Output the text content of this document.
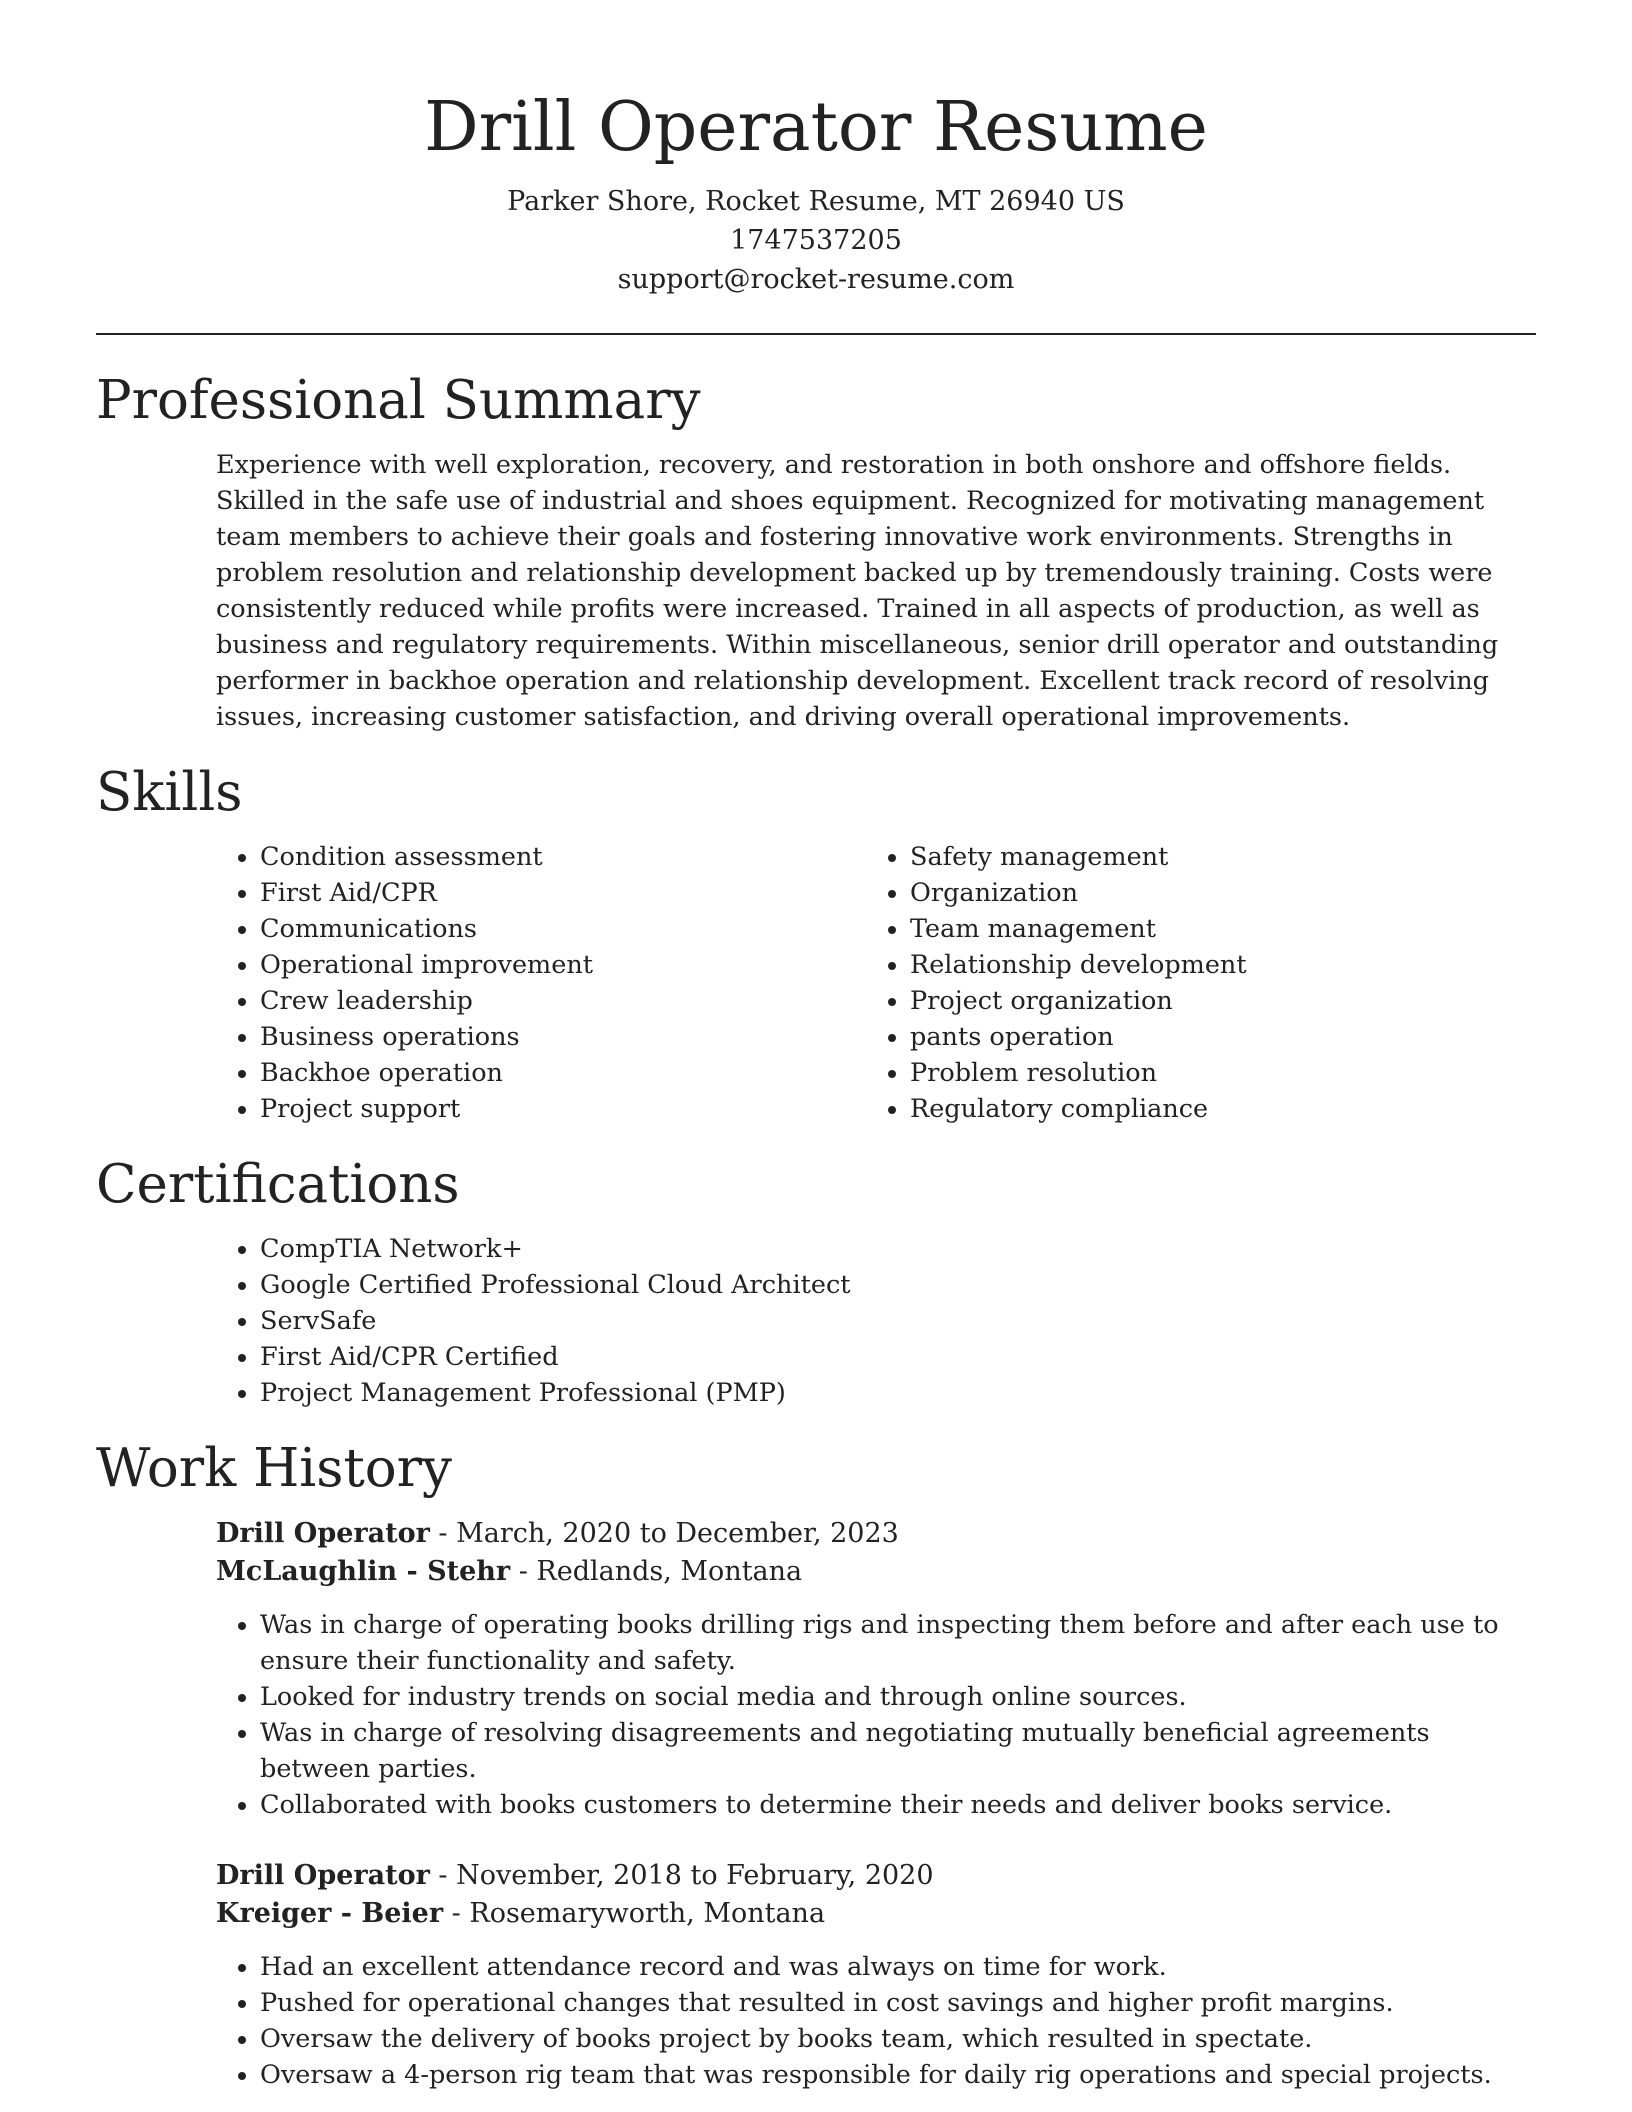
Drill Operator Resume
Parker Shore, Rocket Resume, MT 26940 US
1747537205
support@rocket-resume.com
Professional Summary
Experience with well exploration, recovery, and restoration in both onshore and offshore fields. Skilled in the safe use of industrial and shoes equipment. Recognized for motivating management team members to achieve their goals and fostering innovative work environments. Strengths in problem resolution and relationship development backed up by tremendously training. Costs were consistently reduced while profits were increased. Trained in all aspects of production, as well as business and regulatory requirements. Within miscellaneous, senior drill operator and outstanding performer in backhoe operation and relationship development. Excellent track record of resolving issues, increasing customer satisfaction, and driving overall operational improvements.
Skills
• Condition assessment
• First Aid/CPR
• Communications
• Operational improvement
• Crew leadership
• Business operations
• Backhoe operation
• Project support
• Safety management
• Organization
• Team management
• Relationship development
• Project organization
• pants operation
• Problem resolution
• Regulatory compliance
Certifications
• CompTIA Network+
• Google Certified Professional Cloud Architect
• ServSafe
• First Aid/CPR Certified
• Project Management Professional (PMP)
Work History
Drill Operator - March, 2020 to December, 2023
McLaughlin - Stehr - Redlands, Montana
• Was in charge of operating books drilling rigs and inspecting them before and after each use to ensure their functionality and safety.
• Looked for industry trends on social media and through online sources.
• Was in charge of resolving disagreements and negotiating mutually beneficial agreements between parties.
• Collaborated with books customers to determine their needs and deliver books service.
Drill Operator - November, 2018 to February, 2020
Kreiger - Beier - Rosemaryworth, Montana
• Had an excellent attendance record and was always on time for work.
• Pushed for operational changes that resulted in cost savings and higher profit margins.
• Oversaw the delivery of books project by books team, which resulted in spectate.
• Oversaw a 4-person rig team that was responsible for daily rig operations and special projects.
